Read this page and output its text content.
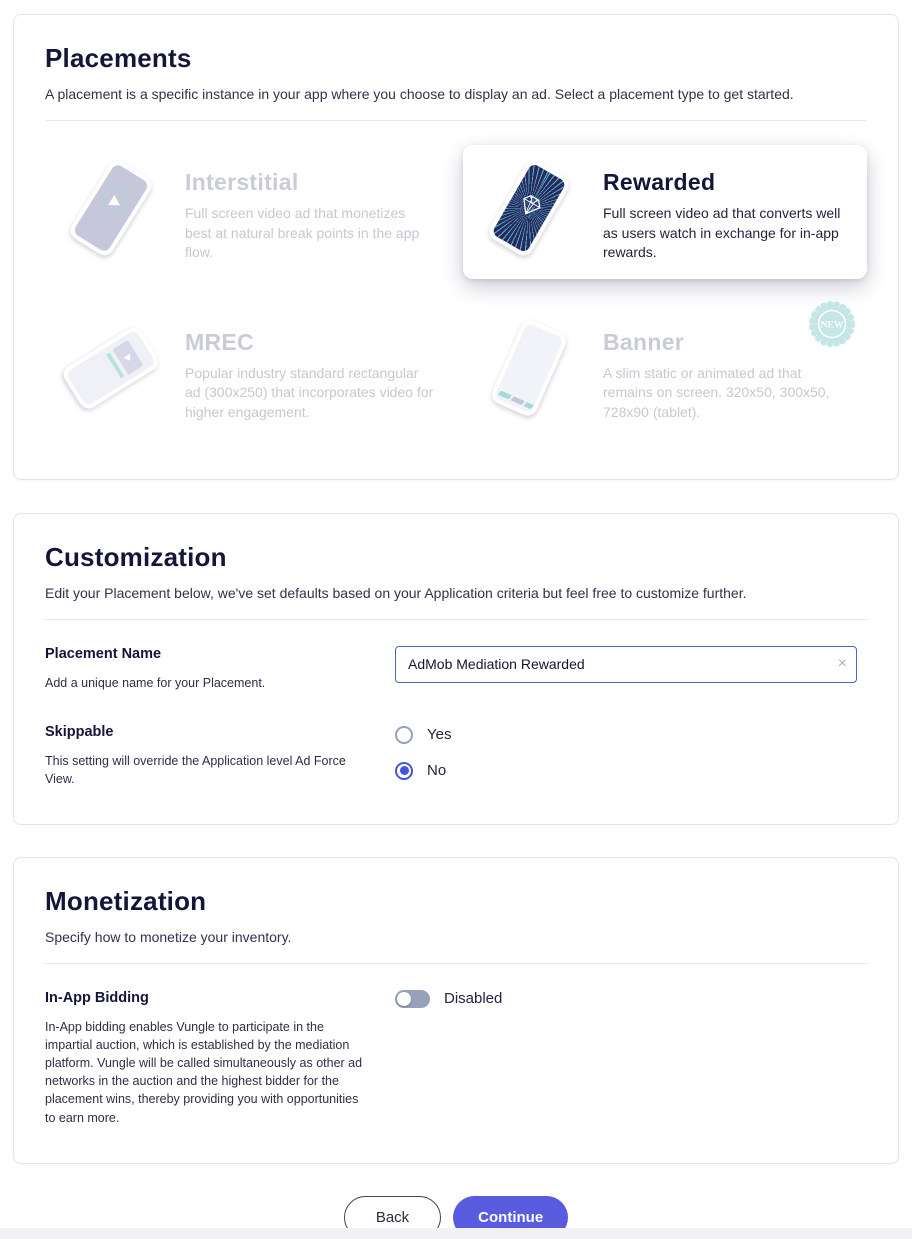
Placements
A placement is a specific instance in your app where you choose to display an ad. Select a placement type to get started.
Interstitial
Full screen video ad that monetizes best at natural break points in the app flow.
Rewarded
Full screen video ad that converts well as users watch in exchange for in-app rewards.
MREC
Popular industry standard rectangular ad (300x250) that incorporates video for higher engagement.
Banner
A slim static or animated ad that remains on screen. 320x50, 300x50, 728x90 (tablet).
NEW
Customization
Edit your Placement below, we've set defaults based on your Application criteria but feel free to customize further.
Placement Name
Add a unique name for your Placement.
AdMob Mediation Rewarded
×
Skippable
This setting will override the Application level Ad Force View.
Yes
No
Monetization
Specify how to monetize your inventory.
In-App Bidding
In-App bidding enables Vungle to participate in the impartial auction, which is established by the mediation platform. Vungle will be called simultaneously as other ad networks in the auction and the highest bidder for the placement wins, thereby providing you with opportunities to earn more.
Disabled
Back	Continue
